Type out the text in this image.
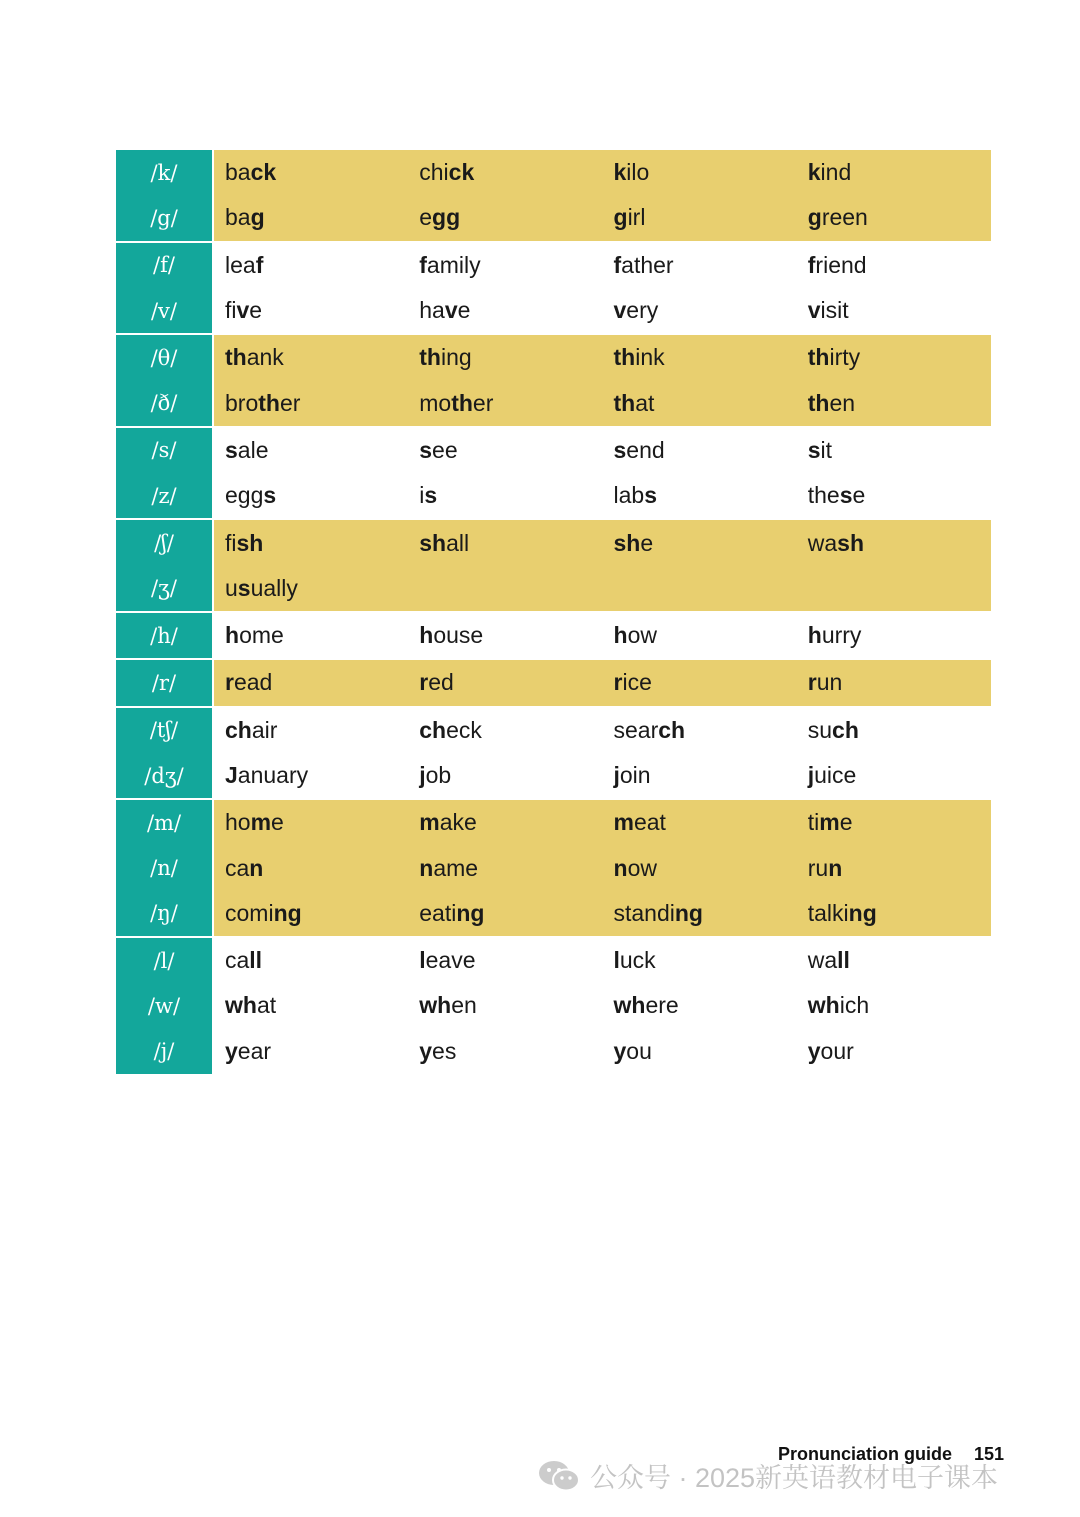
/k/	back	chick	kilo	kind
/g/	bag	egg	girl	green
/f/	leaf	family	father	friend
/v/	five	have	very	visit
/θ/	thank	thing	think	thirty
/ð/	brother	mother	that	then
/s/	sale	see	send	sit
/z/	eggs	is	labs	these
/ʃ/	fish	shall	she	wash
/ʒ/	usually
/h/	home	house	how	hurry
/r/	read	red	rice	run
/tʃ/	chair	check	search	such
/dʒ/	January	job	join	juice
/m/	home	make	meat	time
/n/	can	name	now	run
/ŋ/	coming	eating	standing	talking
/l/	call	leave	luck	wall
/w/	what	when	where	which
/j/	year	yes	you	your
Pronunciation guide 151
公众号 · 2025新英语教材电子课本
